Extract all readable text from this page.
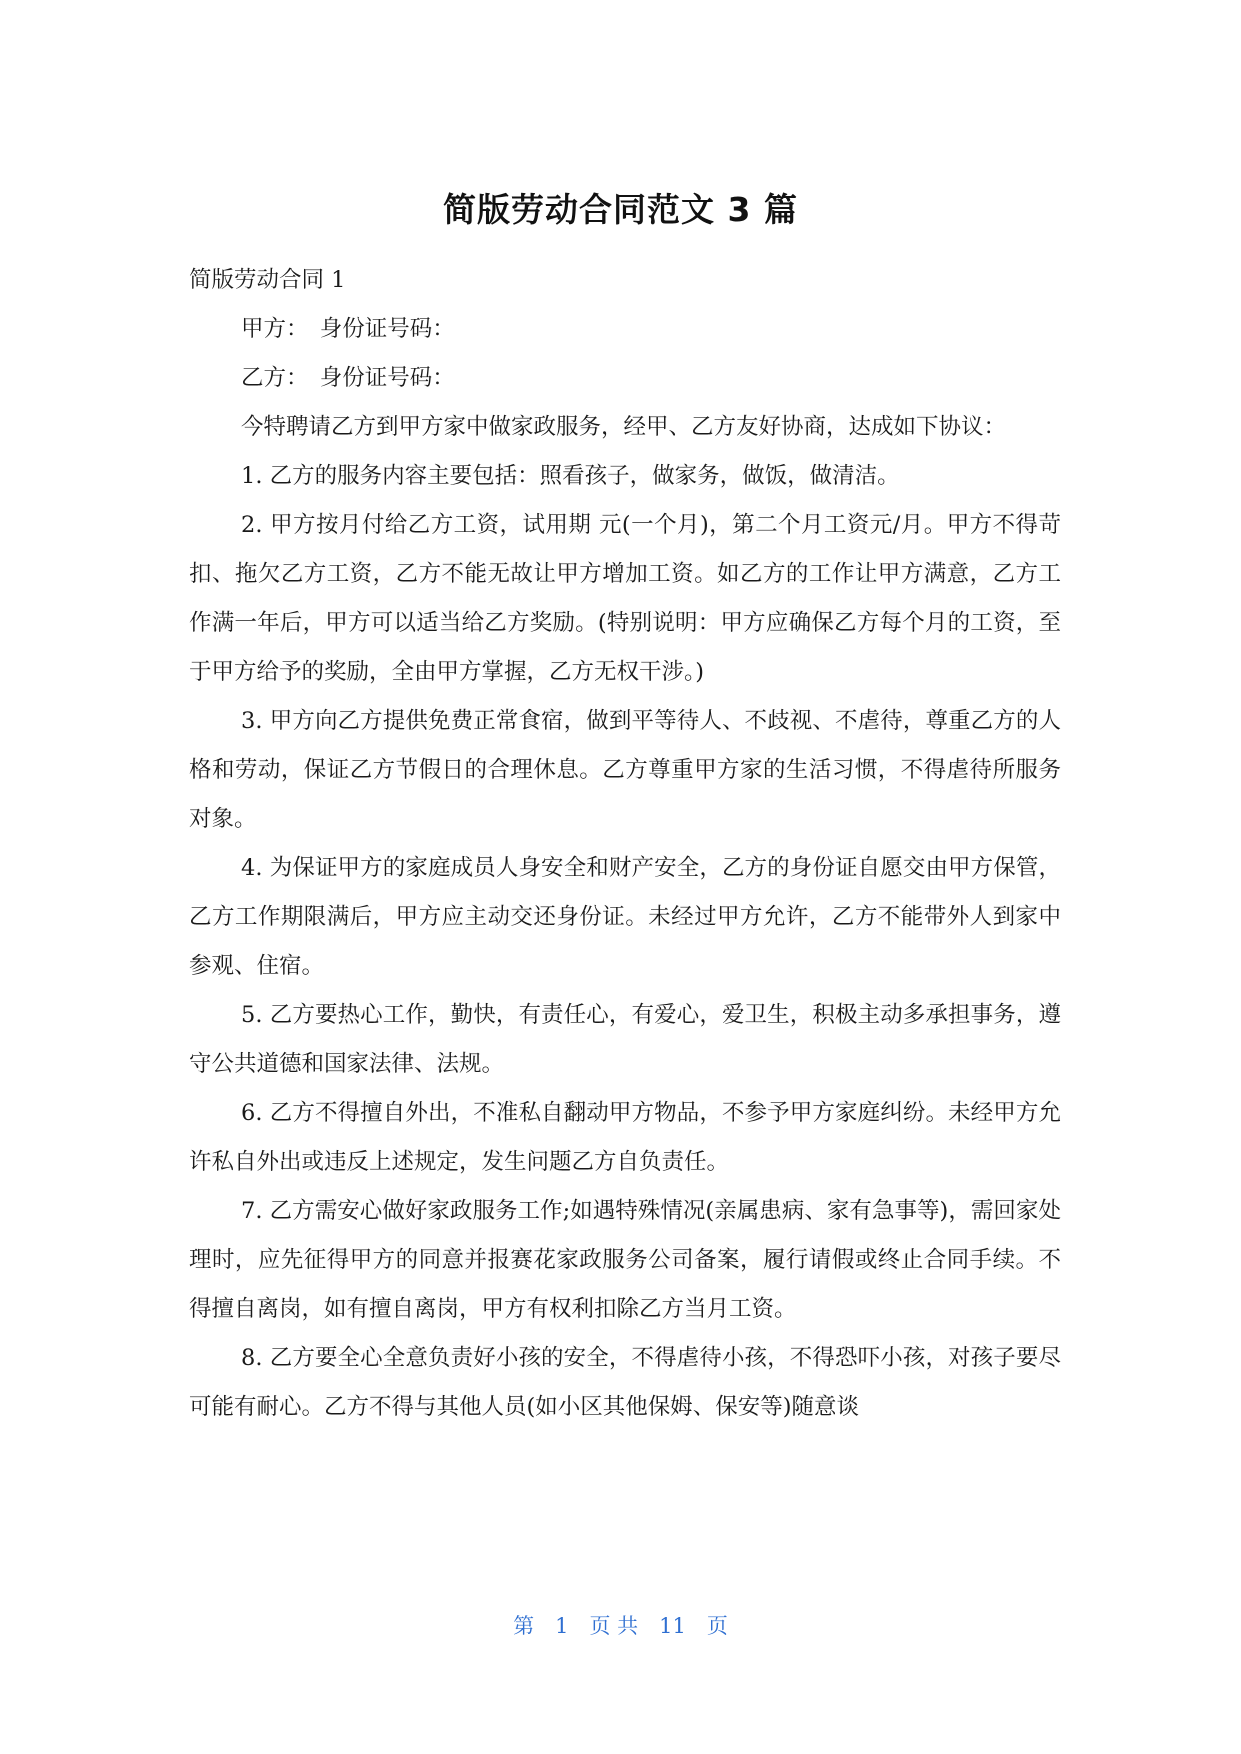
简版劳动合同范文 3 篇

简版劳动合同 1

甲方：　身份证号码：

乙方：　身份证号码：

今特聘请乙方到甲方家中做家政服务，经甲、乙方友好协商，达成如下协议：

1. 乙方的服务内容主要包括：照看孩子，做家务，做饭，做清洁。

2. 甲方按月付给乙方工资，试用期 元(一个月)，第二个月工资元/月。甲方不得苛扣、拖欠乙方工资，乙方不能无故让甲方增加工资。如乙方的工作让甲方满意，乙方工作满一年后，甲方可以适当给乙方奖励。(特别说明：甲方应确保乙方每个月的工资，至于甲方给予的奖励，全由甲方掌握，乙方无权干涉。)

3. 甲方向乙方提供免费正常食宿，做到平等待人、不歧视、不虐待，尊重乙方的人格和劳动，保证乙方节假日的合理休息。乙方尊重甲方家的生活习惯，不得虐待所服务对象。

4. 为保证甲方的家庭成员人身安全和财产安全，乙方的身份证自愿交由甲方保管，乙方工作期限满后，甲方应主动交还身份证。未经过甲方允许，乙方不能带外人到家中参观、住宿。

5. 乙方要热心工作，勤快，有责任心，有爱心，爱卫生，积极主动多承担事务，遵守公共道德和国家法律、法规。

6. 乙方不得擅自外出，不准私自翻动甲方物品，不参予甲方家庭纠纷。未经甲方允许私自外出或违反上述规定，发生问题乙方自负责任。

7. 乙方需安心做好家政服务工作;如遇特殊情况(亲属患病、家有急事等)，需回家处理时，应先征得甲方的同意并报赛花家政服务公司备案，履行请假或终止合同手续。不得擅自离岗，如有擅自离岗，甲方有权利扣除乙方当月工资。

8. 乙方要全心全意负责好小孩的安全，不得虐待小孩，不得恐吓小孩，对孩子要尽可能有耐心。乙方不得与其他人员(如小区其他保姆、保安等)随意谈

第　1　页 共　11　页
